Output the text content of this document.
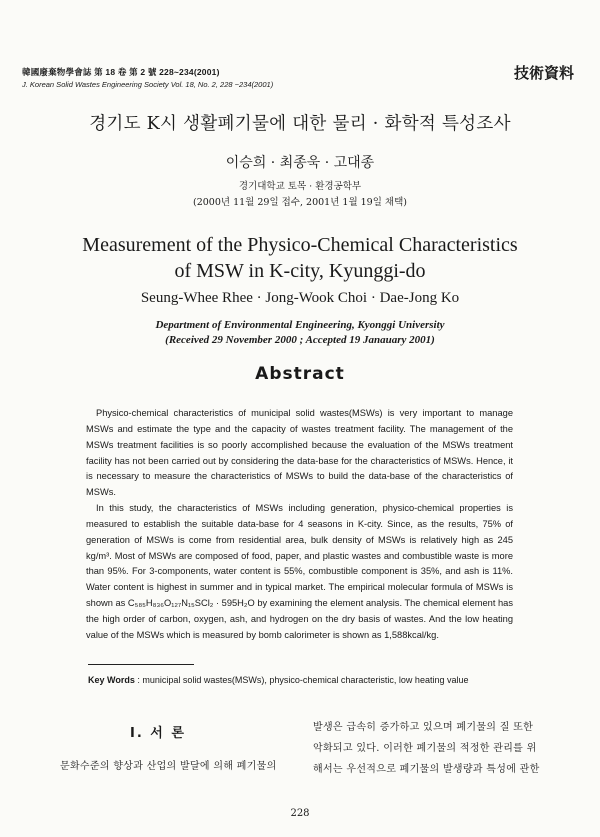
韓國廢棄物學會誌 第 18 卷 第 2 號 228~234(2001)
J. Korean Solid Wastes Engineering Society Vol. 18, No. 2, 228 ~234(2001)
技術資料
경기도 K시 생활폐기물에 대한 물리 · 화학적 특성조사
이승희 · 최종욱 · 고대종
경기대학교 토목 · 환경공학부
(2000년 11월 29일 접수, 2001년 1월 19일 채택)
Measurement of the Physico-Chemical Characteristics
of MSW in K-city, Kyunggi-do
Seung-Whee Rhee · Jong-Wook Choi · Dae-Jong Ko
Department of Environmental Engineering, Kyonggi University
(Received 29 November 2000 ; Accepted 19 Janauary 2001)
Abstract

Physico-chemical characteristics of municipal solid wastes(MSWs) is very important to manage MSWs and estimate the type and the capacity of wastes treatment facility. The management of the MSWs treatment facilities is so poorly accomplished because the evaluation of the MSWs treatment facility has not been carried out by considering the data-base for the characteristics of MSWs. Hence, it is necessary to measure the characteristics of MSWs to build the data-base of the characteristics of MSWs.

In this study, the characteristics of MSWs including generation, physico-chemical properties is measured to establish the suitable data-base for 4 seasons in K-city. Since, as the results, 75% of generation of MSWs is come from residential area, bulk density of MSWs is relatively high as 245 kg/m³. Most of MSWs are composed of food, paper, and plastic wastes and combustible waste is more than 95%. For 3-components, water content is 55%, combustible component is 35%, and ash is 11%. Water content is highest in summer and in typical market. The empirical molecular formula of MSWs is shown as C₅₈₅H₈₃₆O₁₂₇N₁₅SCl₂ · 595H₂O by examining the element analysis. The chemical element has the high order of carbon, oxygen, ash, and hydrogen on the dry basis of wastes. And the low heating value of the MSWs which is measured by bomb calorimeter is shown as 1,588kcal/kg.

Key Words : municipal solid wastes(MSWs), physico-chemical characteristic, low heating value
Ⅰ. 서 론
문화수준의 향상과 산업의 발달에 의해 폐기물의
발생은 급속히 증가하고 있으며 폐기물의 질 또한
악화되고 있다. 이러한 폐기물의 적정한 관리를 위
해서는 우선적으로 폐기물의 발생량과 특성에 관한
228
